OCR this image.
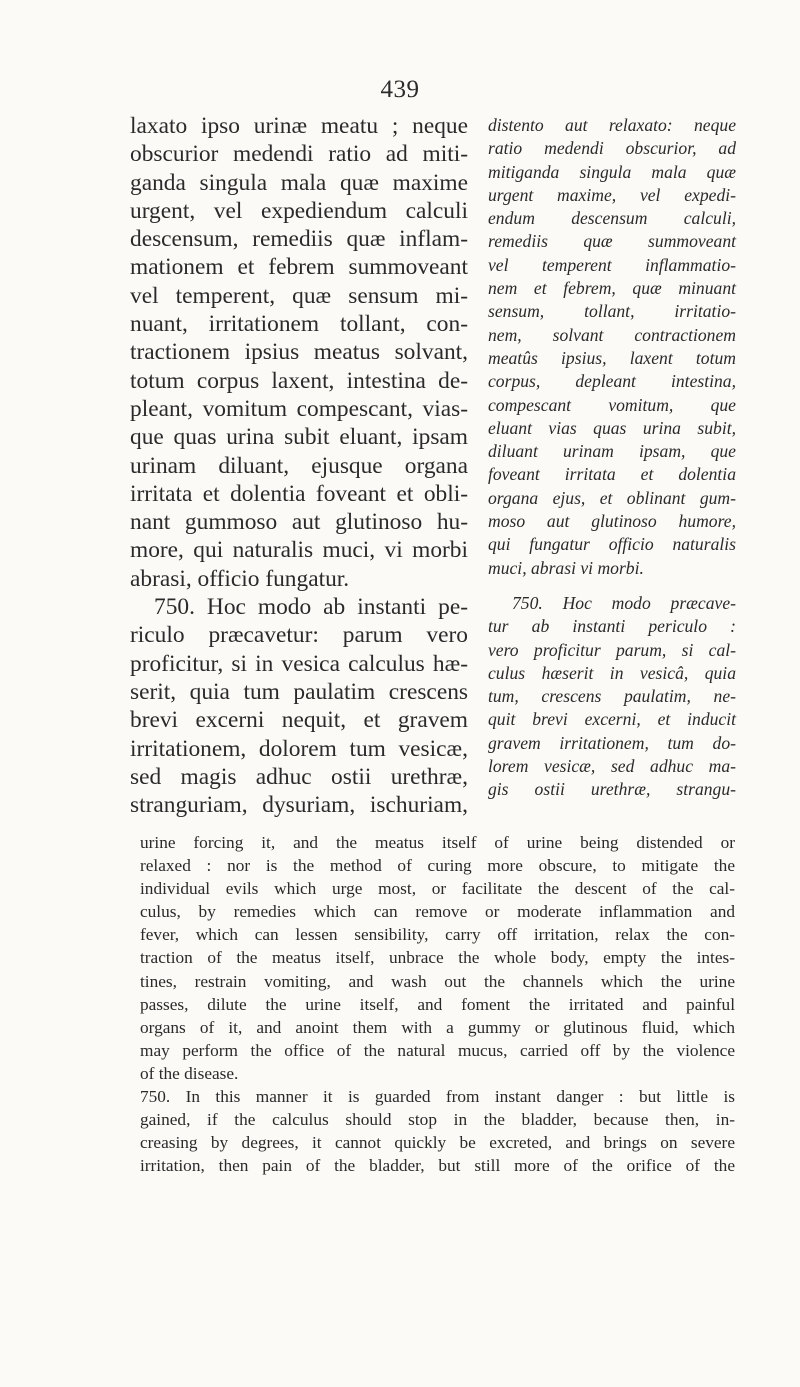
439
laxato ipso urinæ meatu ; neque
obscurior medendi ratio ad miti-
ganda singula mala quæ maxime
urgent, vel expediendum calculi
descensum, remediis quæ inflam-
mationem et febrem summoveant
vel temperent, quæ sensum mi-
nuant, irritationem tollant, con-
tractionem ipsius meatus solvant,
totum corpus laxent, intestina de-
pleant, vomitum compescant, vias-
que quas urina subit eluant, ipsam
urinam diluant, ejusque organa
irritata et dolentia foveant et obli-
nant gummoso aut glutinoso hu-
more, qui naturalis muci, vi morbi
abrasi, officio fungatur.
750. Hoc modo ab instanti pe-
riculo præcavetur: parum vero
proficitur, si in vesica calculus hæ-
serit, quia tum paulatim crescens
brevi excerni nequit, et gravem
irritationem, dolorem tum vesicæ,
sed magis adhuc ostii urethræ,
stranguriam, dysuriam, ischuriam,
distento aut relaxato: neque
ratio medendi obscurior, ad
mitiganda singula mala quæ
urgent maxime, vel expedi-
endum descensum calculi,
remediis quæ summoveant
vel temperent inflammatio-
nem et febrem, quæ minuant
sensum, tollant, irritatio-
nem, solvant contractionem
meatûs ipsius, laxent totum
corpus, depleant intestina,
compescant vomitum, que
eluant vias quas urina subit,
diluant urinam ipsam, que
foveant irritata et dolentia
organa ejus, et oblinant gum-
moso aut glutinoso humore,
qui fungatur officio naturalis
muci, abrasi vi morbi.
750. Hoc modo præcave-
tur ab instanti periculo :
vero proficitur parum, si cal-
culus hæserit in vesicâ, quia
tum, crescens paulatim, ne-
quit brevi excerni, et inducit
gravem irritationem, tum do-
lorem vesicæ, sed adhuc ma-
gis ostii urethræ, strangu-
urine forcing it, and the meatus itself of urine being distended or
relaxed : nor is the method of curing more obscure, to mitigate the
individual evils which urge most, or facilitate the descent of the cal-
culus, by remedies which can remove or moderate inflammation and
fever, which can lessen sensibility, carry off irritation, relax the con-
traction of the meatus itself, unbrace the whole body, empty the intes-
tines, restrain vomiting, and wash out the channels which the urine
passes, dilute the urine itself, and foment the irritated and painful
organs of it, and anoint them with a gummy or glutinous fluid, which
may perform the office of the natural mucus, carried off by the violence
of the disease.
750. In this manner it is guarded from instant danger : but little is
gained, if the calculus should stop in the bladder, because then, in-
creasing by degrees, it cannot quickly be excreted, and brings on severe
irritation, then pain of the bladder, but still more of the orifice of the
